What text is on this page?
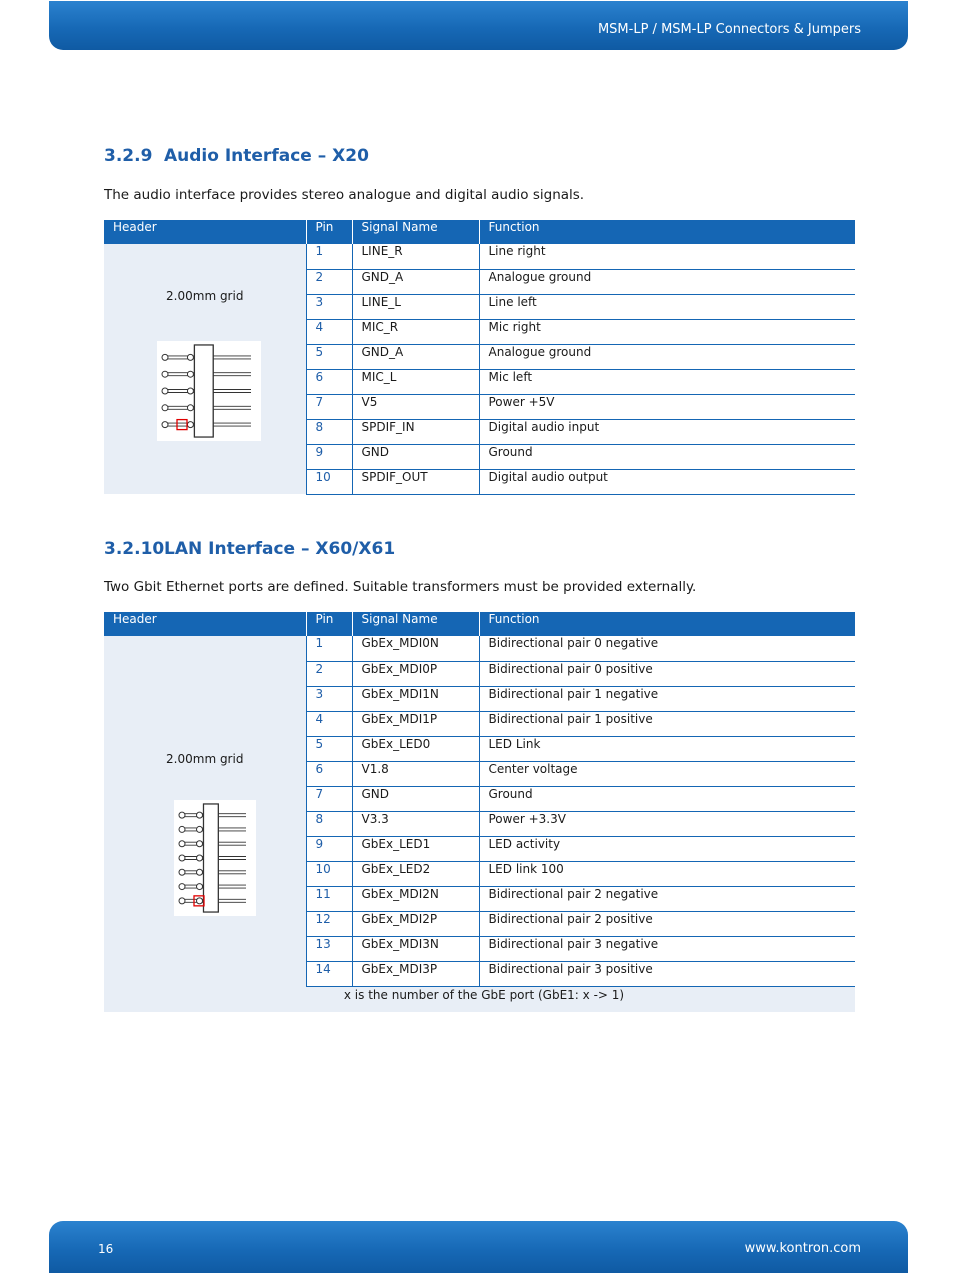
MSM-LP / MSM-LP Connectors & Jumpers
3.2.9 Audio Interface – X20

The audio interface provides stereo analogue and digital audio signals.

Header	Pin	Signal Name	Function

2.00mm grid	1	LINE_R	Line right
	2	GND_A	Analogue ground
	3	LINE_L	Line left
	4	MIC_R	Mic right
	5	GND_A	Analogue ground
	6	MIC_L	Mic left
	7	V5	Power +5V
	8	SPDIF_IN	Digital audio input
	9	GND	Ground
	10	SPDIF_OUT	Digital audio output
3.2.10LAN Interface – X60/X61

Two Gbit Ethernet ports are defined. Suitable transformers must be provided externally.

Header	Pin	Signal Name	Function

2.00mm grid	1	GbEx_MDI0N	Bidirectional pair 0 negative
	2	GbEx_MDI0P	Bidirectional pair 0 positive
	3	GbEx_MDI1N	Bidirectional pair 1 negative
	4	GbEx_MDI1P	Bidirectional pair 1 positive
	5	GbEx_LED0	LED Link
	6	V1.8	Center voltage
	7	GND	Ground
	8	V3.3	Power +3.3V
	9	GbEx_LED1	LED activity
	10	GbEx_LED2	LED link 100
	11	GbEx_MDI2N	Bidirectional pair 2 negative
	12	GbEx_MDI2P	Bidirectional pair 2 positive
	13	GbEx_MDI3N	Bidirectional pair 3 negative
	14	GbEx_MDI3P	Bidirectional pair 3 positive
x is the number of the GbE port (GbE1: x -> 1)			
16	www.kontron.com
